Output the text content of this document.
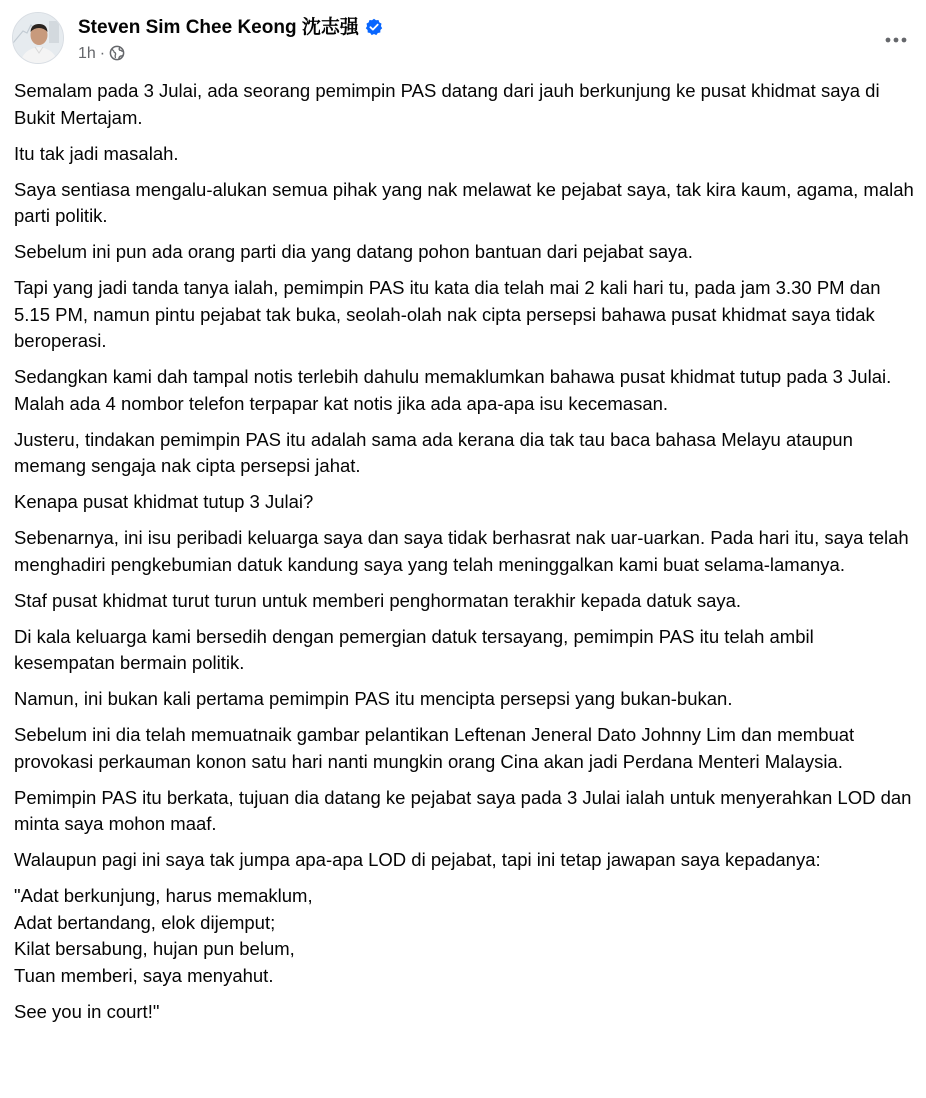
Steven Sim Chee Keong 沈志强
1h ·

Semalam pada 3 Julai, ada seorang pemimpin PAS datang dari jauh berkunjung ke pusat khidmat saya di Bukit Mertajam.

Itu tak jadi masalah.

Saya sentiasa mengalu-alukan semua pihak yang nak melawat ke pejabat saya, tak kira kaum, agama, malah parti politik.

Sebelum ini pun ada orang parti dia yang datang pohon bantuan dari pejabat saya.

Tapi yang jadi tanda tanya ialah, pemimpin PAS itu kata dia telah mai 2 kali hari tu, pada jam 3.30 PM dan 5.15 PM, namun pintu pejabat tak buka, seolah-olah nak cipta persepsi bahawa pusat khidmat saya tidak beroperasi.

Sedangkan kami dah tampal notis terlebih dahulu memaklumkan bahawa pusat khidmat tutup pada 3 Julai. Malah ada 4 nombor telefon terpapar kat notis jika ada apa-apa isu kecemasan.

Justeru, tindakan pemimpin PAS itu adalah sama ada kerana dia tak tau baca bahasa Melayu ataupun memang sengaja nak cipta persepsi jahat.

Kenapa pusat khidmat tutup 3 Julai?

Sebenarnya, ini isu peribadi keluarga saya dan saya tidak berhasrat nak uar-uarkan. Pada hari itu, saya telah menghadiri pengkebumian datuk kandung saya yang telah meninggalkan kami buat selama-lamanya.

Staf pusat khidmat turut turun untuk memberi penghormatan terakhir kepada datuk saya.

Di kala keluarga kami bersedih dengan pemergian datuk tersayang, pemimpin PAS itu telah ambil kesempatan bermain politik.

Namun, ini bukan kali pertama pemimpin PAS itu mencipta persepsi yang bukan-bukan.

Sebelum ini dia telah memuatnaik gambar pelantikan Leftenan Jeneral Dato Johnny Lim dan membuat provokasi perkauman konon satu hari nanti mungkin orang Cina akan jadi Perdana Menteri Malaysia.

Pemimpin PAS itu berkata, tujuan dia datang ke pejabat saya pada 3 Julai ialah untuk menyerahkan LOD dan minta saya mohon maaf.

Walaupun pagi ini saya tak jumpa apa-apa LOD di pejabat, tapi ini tetap jawapan saya kepadanya:

"Adat berkunjung, harus memaklum,
Adat bertandang, elok dijemput;
Kilat bersabung, hujan pun belum,
Tuan memberi, saya menyahut.

See you in court!"
